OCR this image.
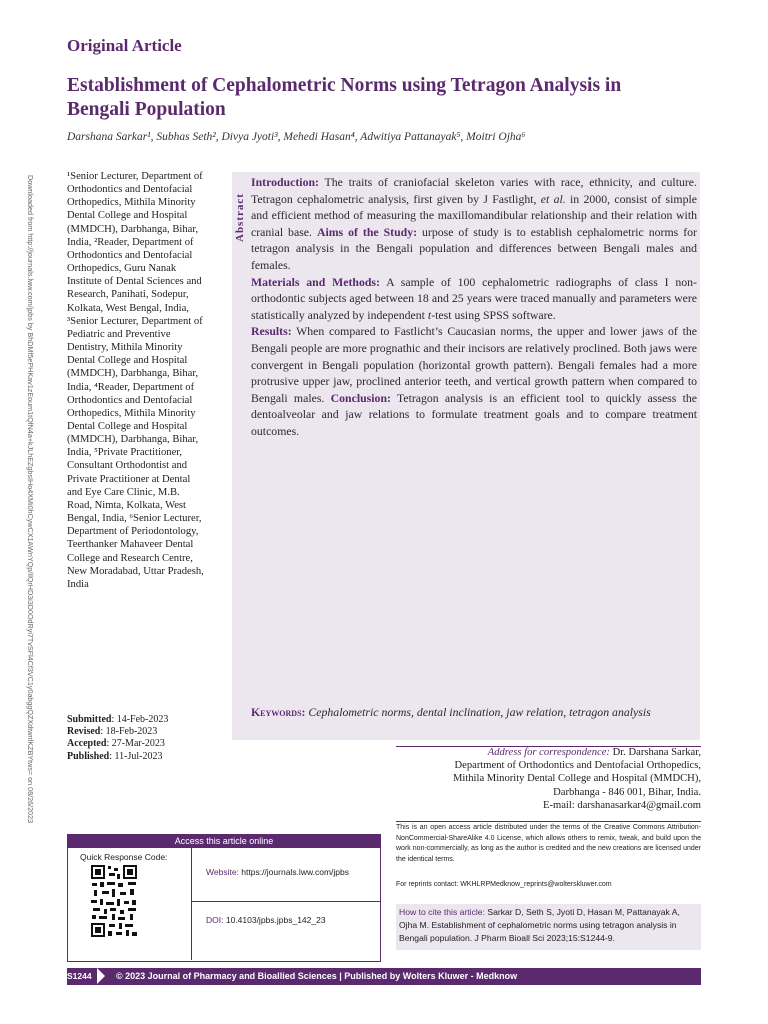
Original Article
Establishment of Cephalometric Norms using Tetragon Analysis in Bengali Population
Darshana Sarkar¹, Subhas Seth², Divya Jyoti³, Mehedi Hasan⁴, Adwitiya Pattanayak⁵, Moitri Ojha⁶
Downloaded from http://journals.lww.com/jpbs by BhDMf5ePHKav1zEoum1tQfN4a+kJLhEZgbsIHo4XMi0hCywCX1AWnYQp/IlQrHD3i3D0OdRyi7TvSFl4Cf3VC1y0abggQZXdtwnfKZBYtws= on 08/26/2023	¹Senior Lecturer, Department of Orthodontics and Dentofacial Orthopedics, Mithila Minority Dental College and Hospital (MMDCH), Darbhanga, Bihar, India, ²Reader, Department of Orthodontics and Dentofacial Orthopedics, Guru Nanak Institute of Dental Sciences and Research, Panihati, Sodepur, Kolkata, West Bengal, India, ³Senior Lecturer, Department of Pediatric and Preventive Dentistry, Mithila Minority Dental College and Hospital (MMDCH), Darbhanga, Bihar, India, ⁴Reader, Department of Orthodontics and Dentofacial Orthopedics, Mithila Minority Dental College and Hospital (MMDCH), Darbhanga, Bihar, India, ⁵Private Practitioner, Consultant Orthodontist and Private Practitioner at Dental and Eye Care Clinic, M.B. Road, Nimta, Kolkata, West Bengal, India, ⁶Senior Lecturer, Department of Periodontology, Teerthanker Mahaveer Dental College and Research Centre, New Moradabad, Uttar Pradesh, India
Submitted: 14-Feb-2023
Revised: 18-Feb-2023
Accepted: 27-Mar-2023
Published: 11-Jul-2023
Abstract
Introduction: The traits of craniofacial skeleton varies with race, ethnicity, and culture. Tetragon cephalometric analysis, first given by J Fastlight, et al. in 2000, consist of simple and efficient method of measuring the maxillomandibular relationship and their relation with cranial base. Aims of the Study: urpose of study is to establish cephalometric norms for tetragon analysis in the Bengali population and differences between Bengali males and females.
Materials and Methods: A sample of 100 cephalometric radiographs of class I non-orthodontic subjects aged between 18 and 25 years were traced manually and parameters were statistically analyzed by independent t-test using SPSS software.
Results: When compared to Fastlicht’s Caucasian norms, the upper and lower jaws of the Bengali people are more prognathic and their incisors are relatively proclined. Both jaws were convergent in Bengali population (horizontal growth pattern). Bengali females had a more protrusive upper jaw, proclined anterior teeth, and vertical growth pattern when compared to Bengali males. Conclusion: Tetragon analysis is an efficient tool to quickly assess the dentoalveolar and jaw relations to formulate treatment goals and to compare treatment outcomes.
Keywords: Cephalometric norms, dental inclination, jaw relation, tetragon analysis
Address for correspondence: Dr. Darshana Sarkar,
Department of Orthodontics and Dentofacial Orthopedics,
Mithila Minority Dental College and Hospital (MMDCH),
Darbhanga - 846 001, Bihar, India.
E-mail: darshanasarkar4@gmail.com
This is an open access article distributed under the terms of the Creative Commons Attribution-NonCommercial-ShareAlike 4.0 License, which allows others to remix, tweak, and build upon the work non-commercially, as long as the author is credited and the new creations are licensed under the identical terms.
For reprints contact: WKHLRPMedknow_reprints@wolterskluwer.com
How to cite this article: Sarkar D, Seth S, Jyoti D, Hasan M, Pattanayak A, Ojha M. Establishment of cephalometric norms using tetragon analysis in Bengali population. J Pharm Bioall Sci 2023;15:S1244-9.
Access this article online
Quick Response Code:
Website: https://journals.lww.com/jpbs
DOI: 10.4103/jpbs.jpbs_142_23
S1244	© 2023 Journal of Pharmacy and Bioallied Sciences | Published by Wolters Kluwer - Medknow
